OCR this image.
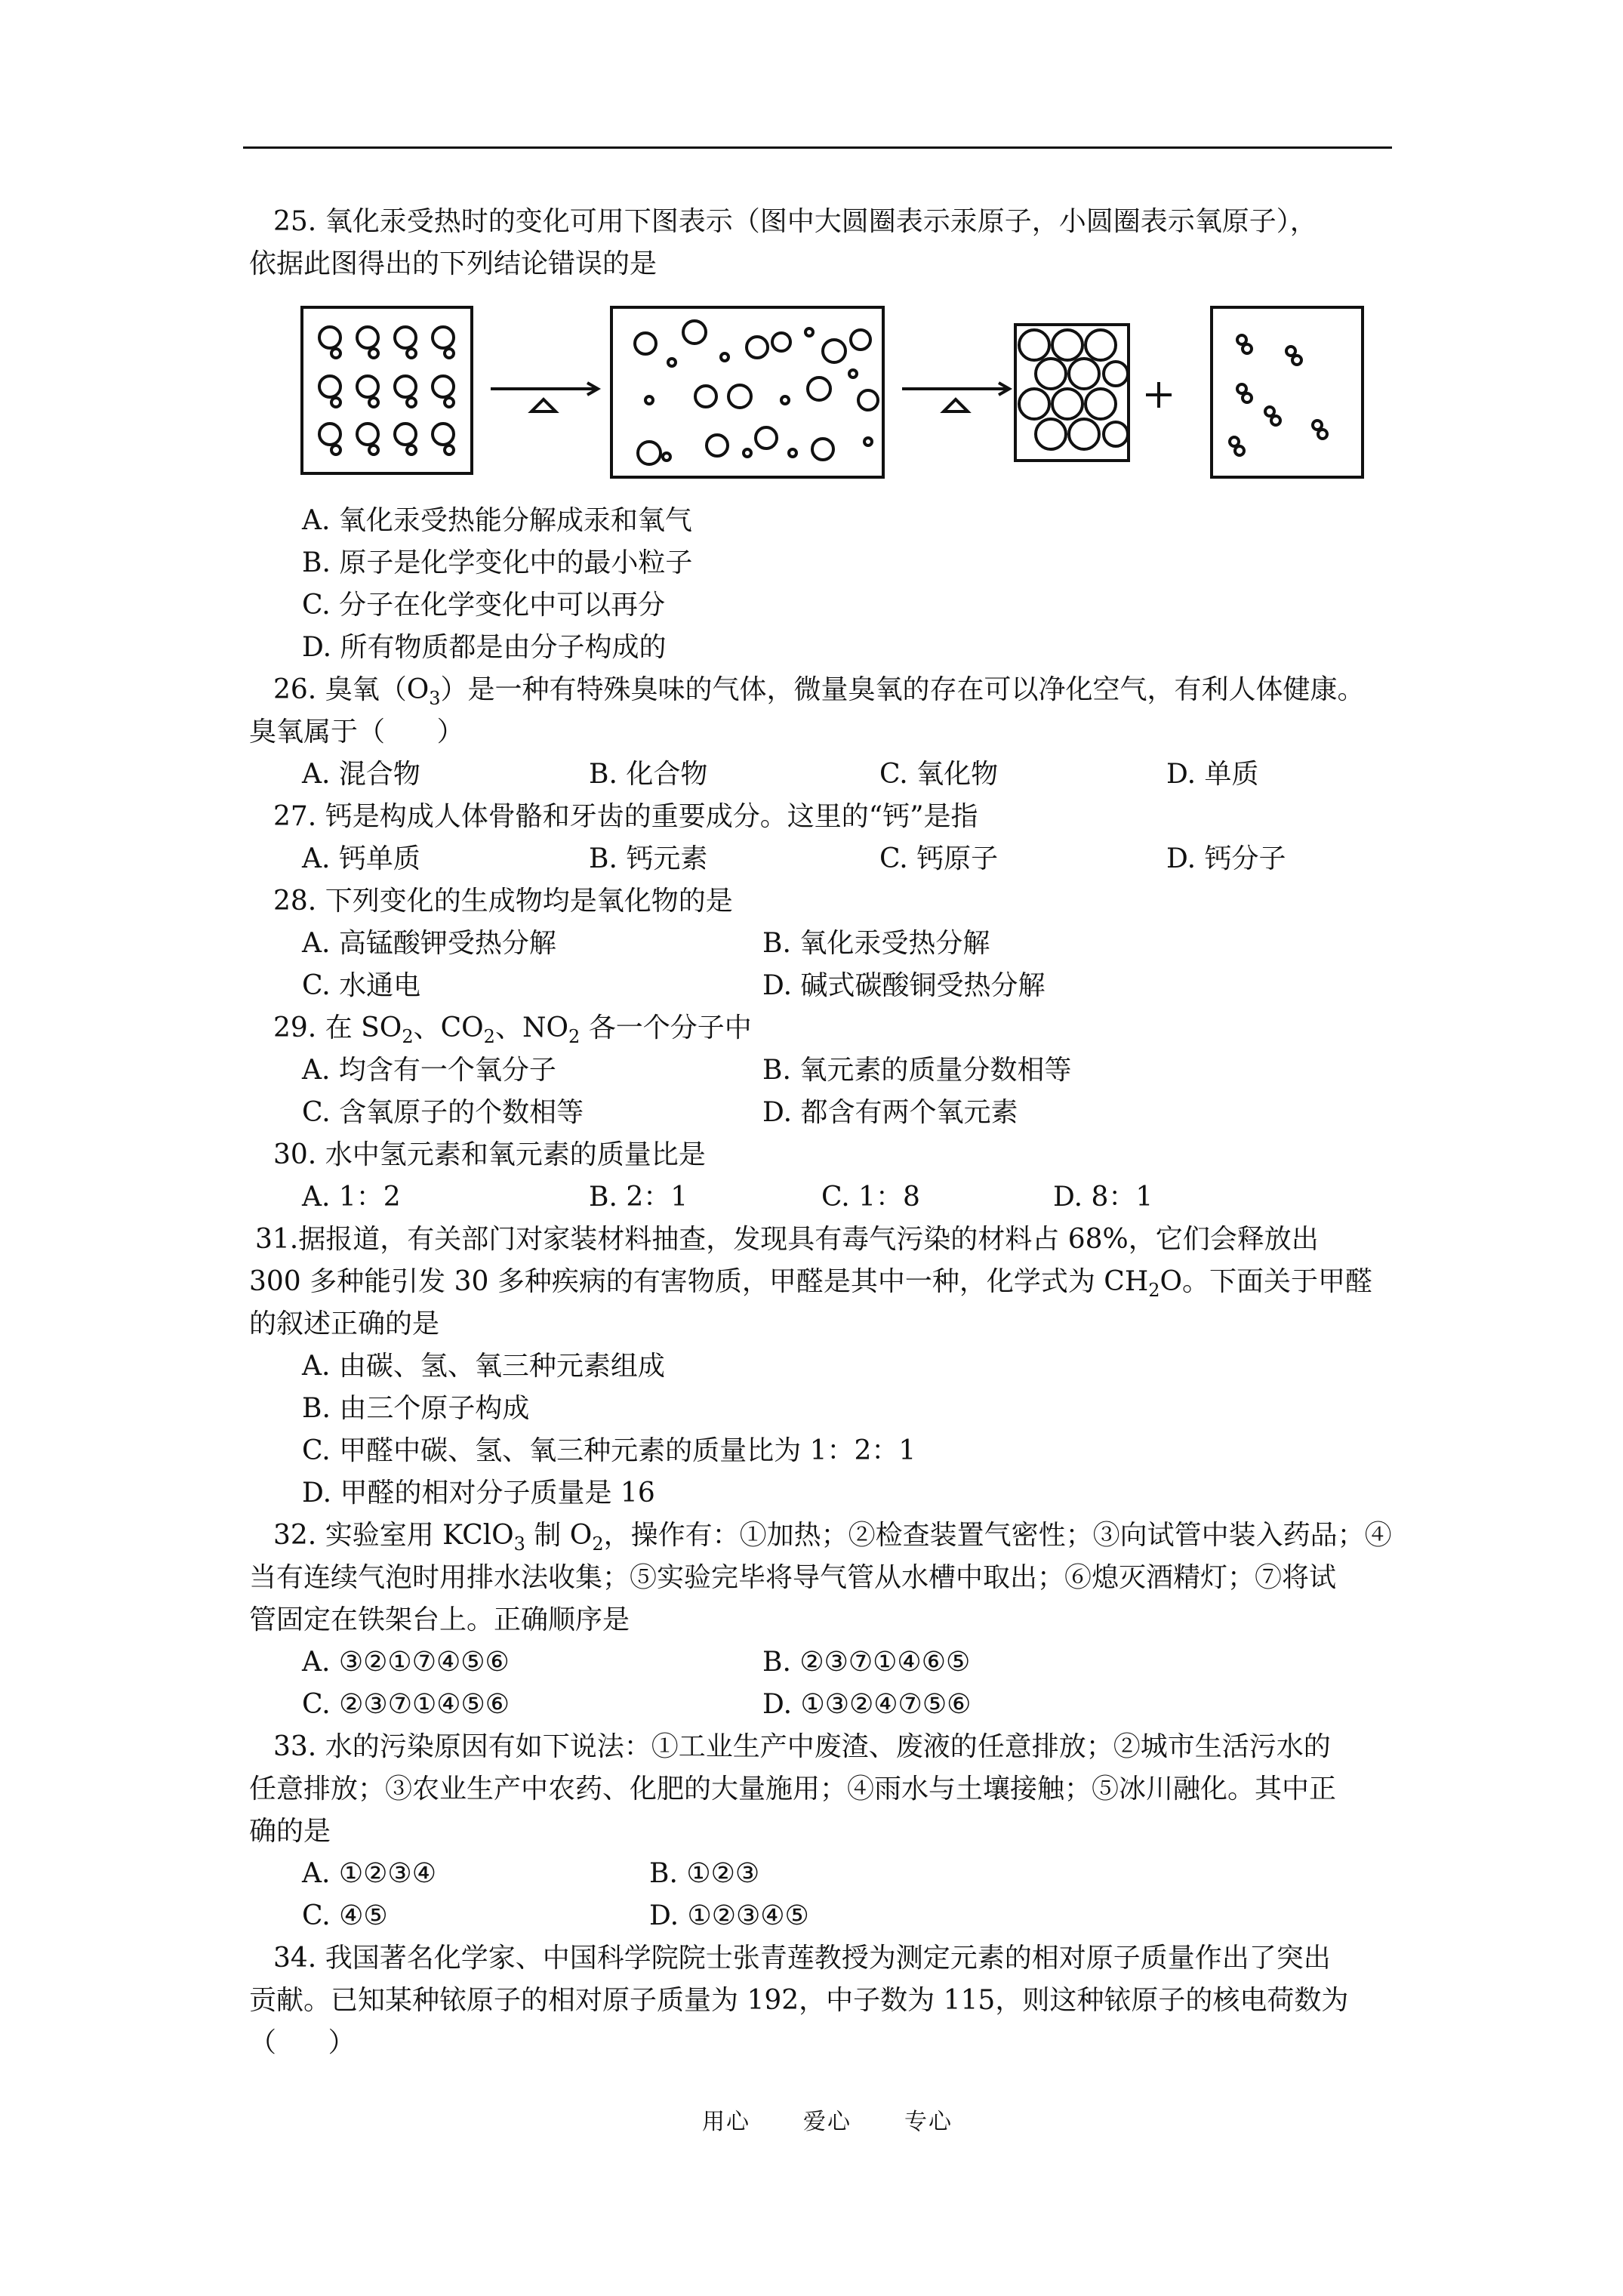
25. 氧化汞受热时的变化可用下图表示（图中大圆圈表示汞原子，小圆圈表示氧原子），
依据此图得出的下列结论错误的是
A. 氧化汞受热能分解成汞和氧气
B. 原子是化学变化中的最小粒子
C. 分子在化学变化中可以再分
D. 所有物质都是由分子构成的
26. 臭氧$(O_3)$是一种有特殊臭味的气体，微量臭氧的存在可以净化空气，有利人体健康。
臭氧属于（      ）
A. 混合物	B. 化合物	C. 氧化物	D. 单质
27. 钙是构成人体骨骼和牙齿的重要成分。这里的“钙”是指
A. 钙单质	B. 钙元素	C. 钙原子	D. 钙分子
28. 下列变化的生成物均是氧化物的是
A. 高锰酸钾受热分解	B. 氧化汞受热分解
C. 水通电	D. 碱式碳酸铜受热分解
29. 在 $SO_2$、$CO_2$、$NO_2$ 各一个分子中
A. 均含有一个氧分子	B. 氧元素的质量分数相等
C. 含氧原子的个数相等	D. 都含有两个氧元素
30. 水中氢元素和氧元素的质量比是
A. 1：2	B. 2：1	C. 1：8	D. 8：1
31.据报道，有关部门对家装材料抽查，发现具有毒气污染的材料占 68%，它们会释放出
300 多种能引发 30 多种疾病的有害物质，甲醛是其中一种，化学式为 $CH_2O$。下面关于甲醛
的叙述正确的是
A. 由碳、氢、氧三种元素组成
B. 由三个原子构成
C. 甲醛中碳、氢、氧三种元素的质量比为 1：2：1
D. 甲醛的相对分子质量是 16
32. 实验室用 KClO$_3$ 制 $O_2$，操作有：①加热；②检查装置气密性；③向试管中装入药品；④
当有连续气泡时用排水法收集；⑤实验完毕将导气管从水槽中取出；⑥熄灭酒精灯；⑦将试
管固定在铁架台上。正确顺序是
A. ③②①⑦④⑤⑥	B. ②③⑦①④⑥⑤
C. ②③⑦①④⑤⑥	D. ①③②④⑦⑤⑥
33. 水的污染原因有如下说法：①工业生产中废渣、废液的任意排放；②城市生活污水的
任意排放；③农业生产中农药、化肥的大量施用；④雨水与土壤接触；⑤冰川融化。其中正
确的是
A. ①②③④	B. ①②③
C. ④⑤	D. ①②③④⑤
34. 我国著名化学家、中国科学院院士张青莲教授为测定元素的相对原子质量作出了突出
贡献。已知某种铱原子的相对原子质量为 192，中子数为 115，则这种铱原子的核电荷数为
（      ）
用心 爱心 专心
